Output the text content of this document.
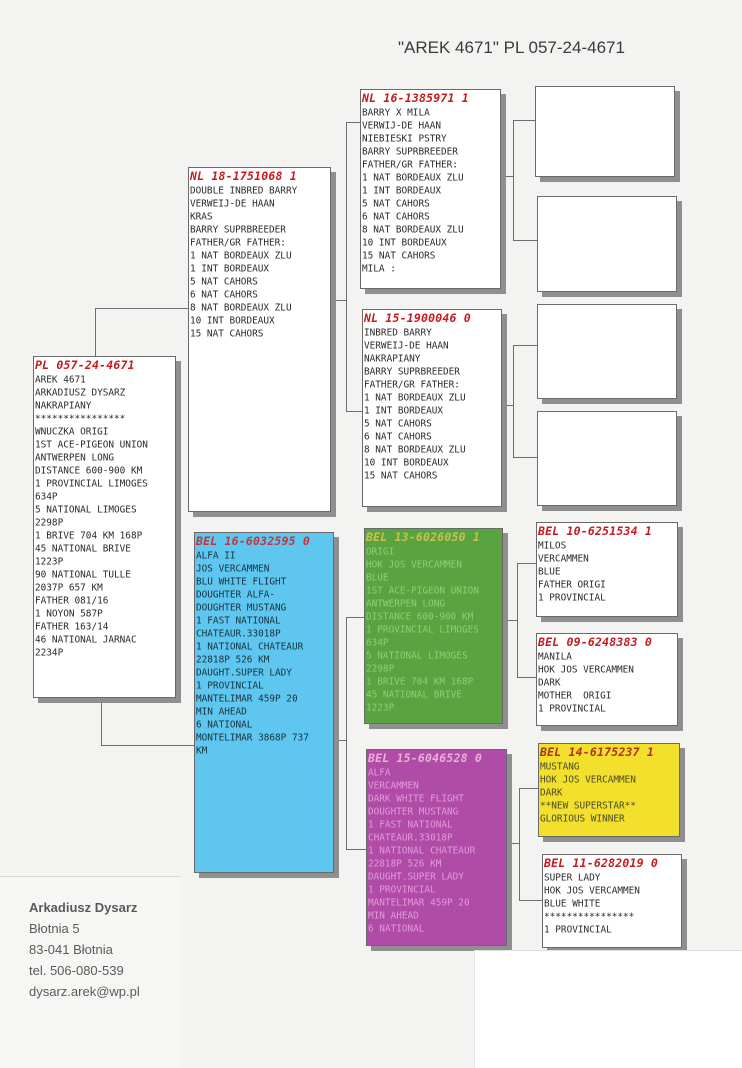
"AREK 4671" PL 057-24-4671
PL 057-24-4671
AREK 4671
ARKADIUSZ DYSARZ
NAKRAPIANY
****************
WNUCZKA ORIGI
1ST ACE-PIGEON UNION
ANTWERPEN LONG
DISTANCE 600-900 KM
1 PROVINCIAL LIMOGES
634P
5 NATIONAL LIMOGES
2298P
1 BRIVE 704 KM 168P
45 NATIONAL BRIVE
1223P
90 NATIONAL TULLE
2037P 657 KM
FATHER 081/16
1 NOYON 587P
FATHER 163/14
46 NATIONAL JARNAC
2234P
NL 18-1751068 1
DOUBLE INBRED BARRY
VERWEIJ-DE HAAN
KRAS
BARRY SUPRBREEDER
FATHER/GR FATHER:
1 NAT BORDEAUX ZLU
1 INT BORDEAUX
5 NAT CAHORS
6 NAT CAHORS
8 NAT BORDEAUX ZLU
10 INT BORDEAUX
15 NAT CAHORS
BEL 16-6032595 0
ALFA II
JOS VERCAMMEN
BLU WHITE FLIGHT
DOUGHTER ALFA-
DOUGHTER MUSTANG
1 FAST NATIONAL
CHATEAUR.33018P
1 NATIONAL CHATEAUR
22818P 526 KM
DAUGHT.SUPER LADY
1 PROVINCIAL
MANTELIMAR 459P 20
MIN AHEAD
6 NATIONAL
MONTELIMAR 3868P 737
KM
NL 16-1385971 1
BARRY X MILA
VERWIJ-DE HAAN
NIEBIESKI PSTRY
BARRY SUPRBREEDER
FATHER/GR FATHER:
1 NAT BORDEAUX ZLU
1 INT BORDEAUX
5 NAT CAHORS
6 NAT CAHORS
8 NAT BORDEAUX ZLU
10 INT BORDEAUX
15 NAT CAHORS
MILA :
NL 15-1900046 0
INBRED BARRY
VERWEIJ-DE HAAN
NAKRAPIANY
BARRY SUPRBREEDER
FATHER/GR FATHER:
1 NAT BORDEAUX ZLU
1 INT BORDEAUX
5 NAT CAHORS
6 NAT CAHORS
8 NAT BORDEAUX ZLU
10 INT BORDEAUX
15 NAT CAHORS
BEL 13-6026050 1
ORIGI
HOK JOS VERCAMMEN
BLUE
1ST ACE-PIGEON UNION
ANTWERPEN LONG
DISTANCE 600-900 KM
1 PROVINCIAL LIMOGES
634P
5 NATIONAL LIMOGES
2298P
1 BRIVE 704 KM 168P
45 NATIONAL BRIVE
1223P
BEL 15-6046528 0
ALFA
VERCAMMEN
DARK WHITE FLIGHT
DOUGHTER MUSTANG
1 FAST NATIONAL
CHATEAUR.33018P
1 NATIONAL CHATEAUR
22818P 526 KM
DAUGHT.SUPER LADY
1 PROVINCIAL
MANTELIMAR 459P 20
MIN AHEAD
6 NATIONAL
BEL 10-6251534 1
MILOS
VERCAMMEN
BLUE
FATHER ORIGI
1 PROVINCIAL
BEL 09-6248383 0
MANILA
HOK JOS VERCAMMEN
DARK
MOTHER  ORIGI
1 PROVINCIAL
BEL 14-6175237 1
MUSTANG
HOK JOS VERCAMMEN
DARK
**NEW SUPERSTAR**
GLORIOUS WINNER
BEL 11-6282019 0
SUPER LADY
HOK JOS VERCAMMEN
BLUE WHITE
****************
1 PROVINCIAL
Arkadiusz Dysarz
Błotnia 5
83-041 Błotnia
tel. 506-080-539
dysarz.arek@wp.pl
